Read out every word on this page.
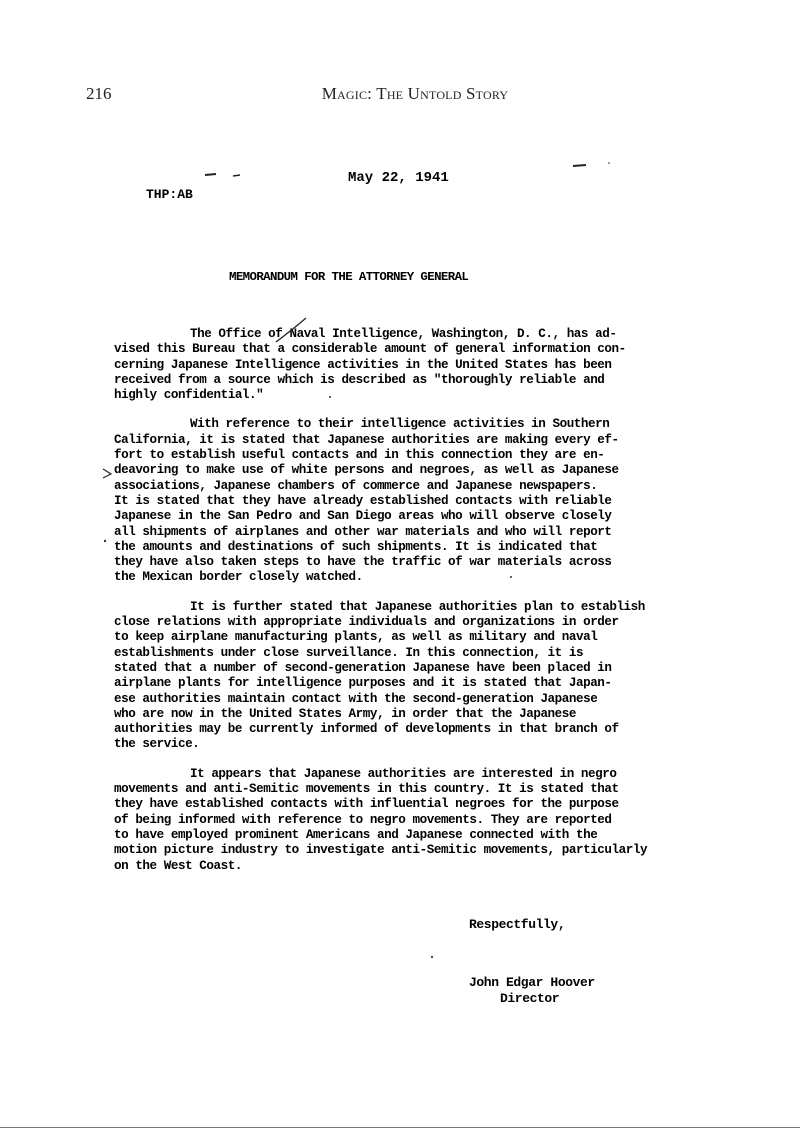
216	Magic: The Untold Story
May 22, 1941
THP:AB
MEMORANDUM FOR THE ATTORNEY GENERAL
The Office of Naval Intelligence, Washington, D. C., has ad-
vised this Bureau that a considerable amount of general information con-
cerning Japanese Intelligence activities in the United States has been
received from a source which is described as "thoroughly reliable and
highly confidential."
With reference to their intelligence activities in Southern
California, it is stated that Japanese authorities are making every ef-
fort to establish useful contacts and in this connection they are en-
deavoring to make use of white persons and negroes, as well as Japanese
associations, Japanese chambers of commerce and Japanese newspapers.
It is stated that they have already established contacts with reliable
Japanese in the San Pedro and San Diego areas who will observe closely
all shipments of airplanes and other war materials and who will report
the amounts and destinations of such shipments. It is indicated that
they have also taken steps to have the traffic of war materials across
the Mexican border closely watched.
It is further stated that Japanese authorities plan to establish
close relations with appropriate individuals and organizations in order
to keep airplane manufacturing plants, as well as military and naval
establishments under close surveillance. In this connection, it is
stated that a number of second-generation Japanese have been placed in
airplane plants for intelligence purposes and it is stated that Japan-
ese authorities maintain contact with the second-generation Japanese
who are now in the United States Army, in order that the Japanese
authorities may be currently informed of developments in that branch of
the service.
It appears that Japanese authorities are interested in negro
movements and anti-Semitic movements in this country. It is stated that
they have established contacts with influential negroes for the purpose
of being informed with reference to negro movements. They are reported
to have employed prominent Americans and Japanese connected with the
motion picture industry to investigate anti-Semitic movements, particularly
on the West Coast.
Respectfully,
John Edgar Hoover
Director
